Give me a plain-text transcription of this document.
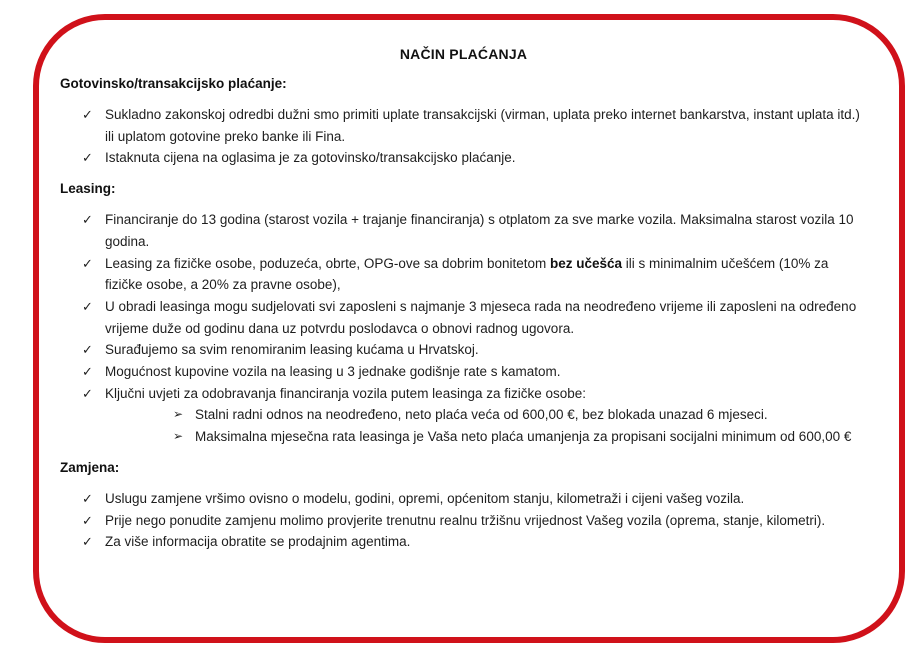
NAČIN PLAĆANJA
Gotovinsko/transakcijsko plaćanje:
✓ Sukladno zakonskoj odredbi dužni smo primiti uplate transakcijski (virman, uplata preko internet bankarstva, instant uplata itd.) ili uplatom gotovine preko banke ili Fina.
✓ Istaknuta cijena na oglasima je za gotovinsko/transakcijsko plaćanje.
Leasing:
✓ Financiranje do 13 godina (starost vozila + trajanje financiranja) s otplatom za sve marke vozila. Maksimalna starost vozila 10 godina.
✓ Leasing za fizičke osobe, poduzeća, obrte, OPG-ove sa dobrim bonitetom bez učešća ili s minimalnim učešćem (10% za fizičke osobe, a 20% za pravne osobe),
✓ U obradi leasinga mogu sudjelovati svi zaposleni s najmanje 3 mjeseca rada na neodređeno vrijeme ili zaposleni na određeno vrijeme duže od godinu dana uz potvrdu poslodavca o obnovi radnog ugovora.
✓ Surađujemo sa svim renomiranim leasing kućama u Hrvatskoj.
✓ Mogućnost kupovine vozila na leasing u 3 jednake godišnje rate s kamatom.
✓ Ključni uvjeti za odobravanja financiranja vozila putem leasinga za fizičke osobe:
➢ Stalni radni odnos na neodređeno, neto plaća veća od 600,00 €, bez blokada unazad 6 mjeseci.
➢ Maksimalna mjesečna rata leasinga je Vaša neto plaća umanjenja za propisani socijalni minimum od 600,00 €
Zamjena:
✓ Uslugu zamjene vršimo ovisno o modelu, godini, opremi, općenitom stanju, kilometraži i cijeni vašeg vozila.
✓ Prije nego ponudite zamjenu molimo provjerite trenutnu realnu tržišnu vrijednost Vašeg vozila (oprema, stanje, kilometri).
✓ Za više informacija obratite se prodajnim agentima.
